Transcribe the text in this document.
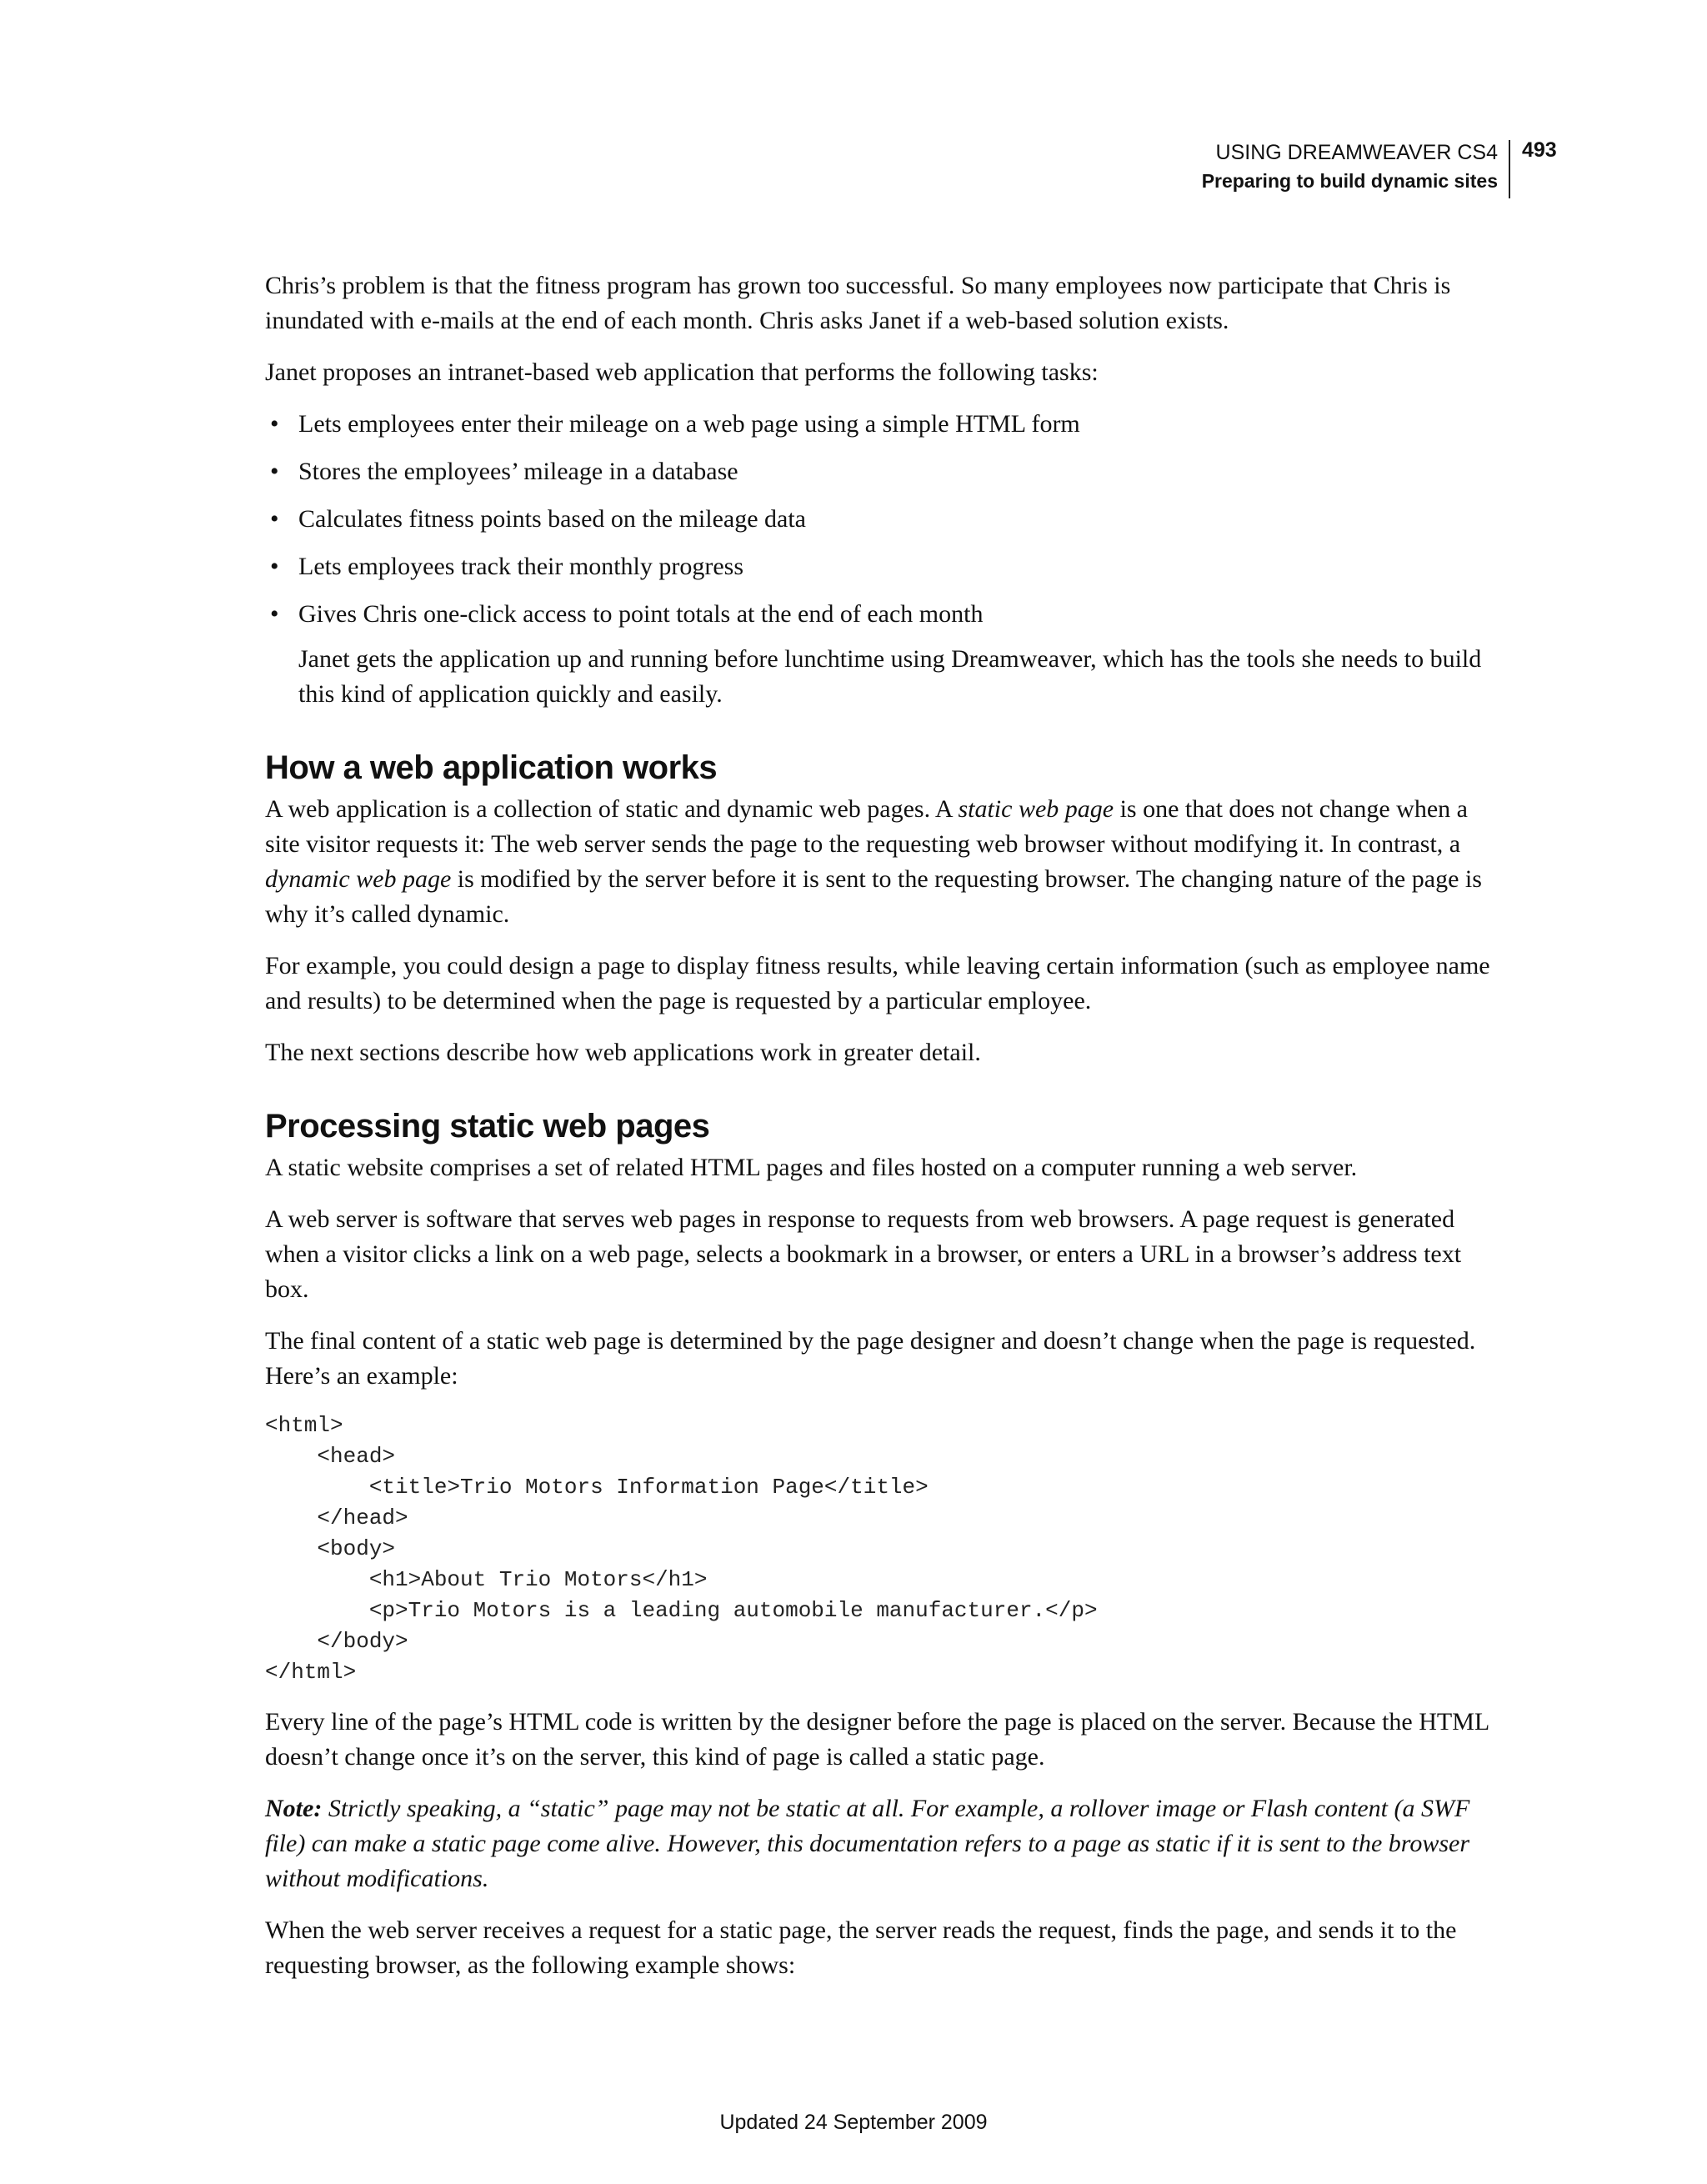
USING DREAMWEAVER CS4
Preparing to build dynamic sites
493

Chris’s problem is that the fitness program has grown too successful. So many employees now participate that Chris is inundated with e-mails at the end of each month. Chris asks Janet if a web-based solution exists.

Janet proposes an intranet-based web application that performs the following tasks:

• Lets employees enter their mileage on a web page using a simple HTML form
• Stores the employees’ mileage in a database
• Calculates fitness points based on the mileage data
• Lets employees track their monthly progress
• Gives Chris one-click access to point totals at the end of each month

Janet gets the application up and running before lunchtime using Dreamweaver, which has the tools she needs to build this kind of application quickly and easily.

How a web application works

A web application is a collection of static and dynamic web pages. A static web page is one that does not change when a site visitor requests it: The web server sends the page to the requesting web browser without modifying it. In contrast, a dynamic web page is modified by the server before it is sent to the requesting browser. The changing nature of the page is why it’s called dynamic.

For example, you could design a page to display fitness results, while leaving certain information (such as employee name and results) to be determined when the page is requested by a particular employee.

The next sections describe how web applications work in greater detail.

Processing static web pages

A static website comprises a set of related HTML pages and files hosted on a computer running a web server.

A web server is software that serves web pages in response to requests from web browsers. A page request is generated when a visitor clicks a link on a web page, selects a bookmark in a browser, or enters a URL in a browser’s address text box.

The final content of a static web page is determined by the page designer and doesn’t change when the page is requested. Here’s an example:

<html>
<head>
<title>Trio Motors Information Page</title>
</head>
<body>
<h1>About Trio Motors</h1>
<p>Trio Motors is a leading automobile manufacturer.</p>
</body>
</html>

Every line of the page’s HTML code is written by the designer before the page is placed on the server. Because the HTML doesn’t change once it’s on the server, this kind of page is called a static page.

Note: Strictly speaking, a “static” page may not be static at all. For example, a rollover image or Flash content (a SWF file) can make a static page come alive. However, this documentation refers to a page as static if it is sent to the browser without modifications.

When the web server receives a request for a static page, the server reads the request, finds the page, and sends it to the requesting browser, as the following example shows:

Updated 24 September 2009
